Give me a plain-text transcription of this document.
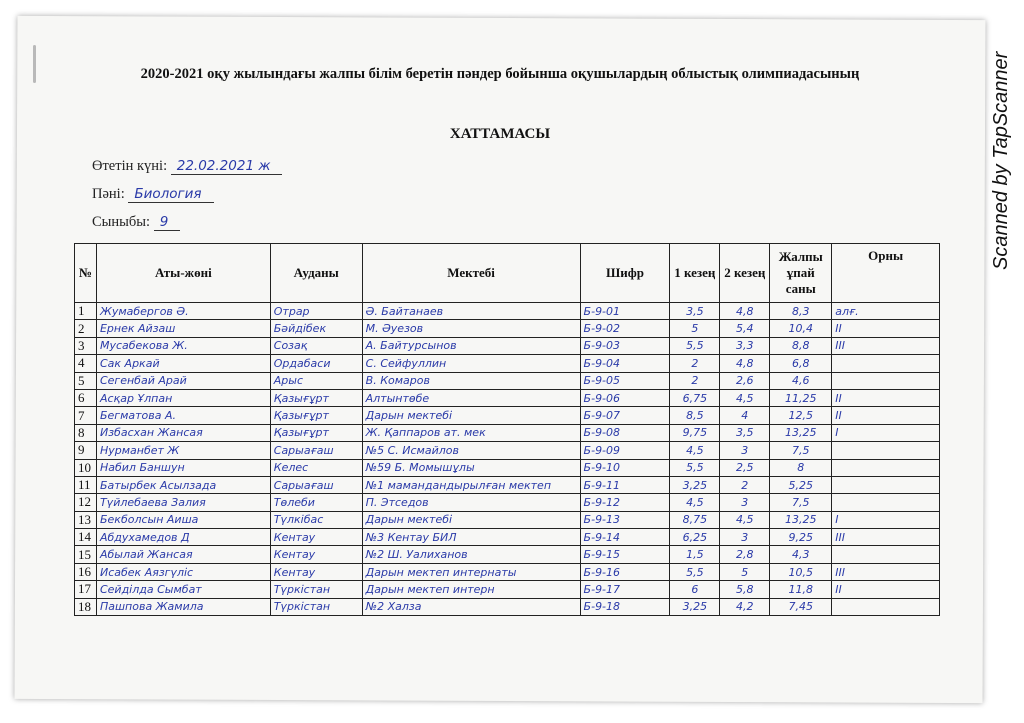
Scanned by TapScanner
2020-2021 оқу жылындағы жалпы білім беретін пәндер бойынша оқушылардың облыстық олимпиадасының
ХАТТАМАСЫ
Өтетін күні: 22.02.2021 ж
Пәні: Биология
Сыныбы: 9
№	Аты-жөні	Ауданы	Мектебі	Шифр	1 кезең	2 кезең	Жалпы ұпай саны	Орны
1	Жумабергов Ә.	Отрар	Ә. Байтанаев	Б-9-01	3,5	4,8	8,3	алғ.
2	Ернек Айзаш	Бәйдібек	М. Әуезов	Б-9-02	5	5,4	10,4	II
3	Мусабекова Ж.	Созақ	А. Байтурсынов	Б-9-03	5,5	3,3	8,8	III
4	Сак Аркай	Ордабаси	С. Сейфуллин	Б-9-04	2	4,8	6,8	
5	Сегенбай Арай	Арыс	В. Комаров	Б-9-05	2	2,6	4,6	
6	Асқар Ұлпан	Қазығұрт	Алтынтөбе	Б-9-06	6,75	4,5	11,25	II
7	Бегматова А.	Қазығұрт	Дарын мектебі	Б-9-07	8,5	4	12,5	II
8	Избасхан Жансая	Қазығұрт	Ж. Қаппаров ат. мек	Б-9-08	9,75	3,5	13,25	I
9	Нурманбет Ж	Сарыағаш	№5 С. Исмайлов	Б-9-09	4,5	3	7,5	
10	Набил Баншун	Келес	№59 Б. Момышұлы	Б-9-10	5,5	2,5	8	
11	Батырбек Асылзада	Сарыағаш	№1 мамандандырылған мектеп	Б-9-11	3,25	2	5,25	
12	Түйлебаева Залия	Төлеби	П. Этседов	Б-9-12	4,5	3	7,5	
13	Бекболсын Аиша	Түлкібас	Дарын мектебі	Б-9-13	8,75	4,5	13,25	I
14	Абдухамедов Д	Кентау	№3 Кентау БИЛ	Б-9-14	6,25	3	9,25	III
15	Абылай Жансая	Кентау	№2 Ш. Уалиханов	Б-9-15	1,5	2,8	4,3	
16	Исабек Аязгүліс	Кентау	Дарын мектеп интернаты	Б-9-16	5,5	5	10,5	III
17	Сейділда Сымбат	Түркістан	Дарын мектеп интерн	Б-9-17	6	5,8	11,8	II
18	Пашпова Жамила	Түркістан	№2 Халза	Б-9-18	3,25	4,2	7,45	
